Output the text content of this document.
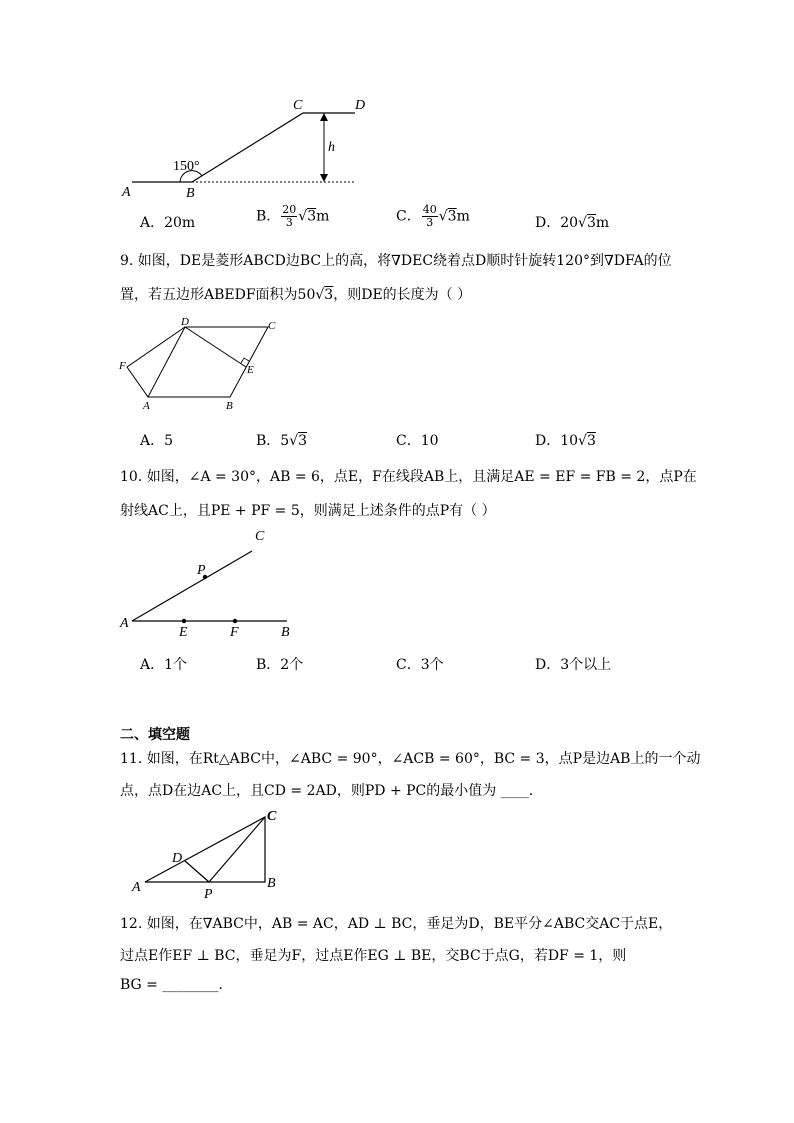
150°
h
A	B
C	D
A．20m	B． $\frac{20}{3} √3m$	C． $\frac{40}{3} √3m$	D．20√3m
9. 如图，DE是菱形ABCD边BC上的高，将∇DEC绕着点D顺时针旋转120°到∇DFA的位
置，若五边形ABEDF面积为50√3，则DE的长度为（ ）
D	C
F	E
A	B
A．5	B．5√3	C．10	D．10√3
10. 如图，∠A = 30°，AB = 6，点E，F在线段AB上，且满足AE = EF = FB = 2，点P在
射线AC上，且PE + PF = 5，则满足上述条件的点P有（ ）
C
P
A
E	F	B
A．1个	B．2个	C．3个	D．3个以上
二、填空题
11. 如图，在Rt△ABC中，∠ABC = 90°，∠ACB = 60°，BC = 3，点P是边AB上的一个动
点，点D在边AC上，且CD = 2AD，则PD + PC的最小值为 ____.
C
D
A	P
B
12. 如图，在∇ABC中，AB = AC，AD ⊥ BC，垂足为D，BE平分∠ABC交AC于点E，
过点E作EF ⊥ BC，垂足为F，过点E作EG ⊥ BE，交BC于点G，若DF = 1，则
BG = ________.
